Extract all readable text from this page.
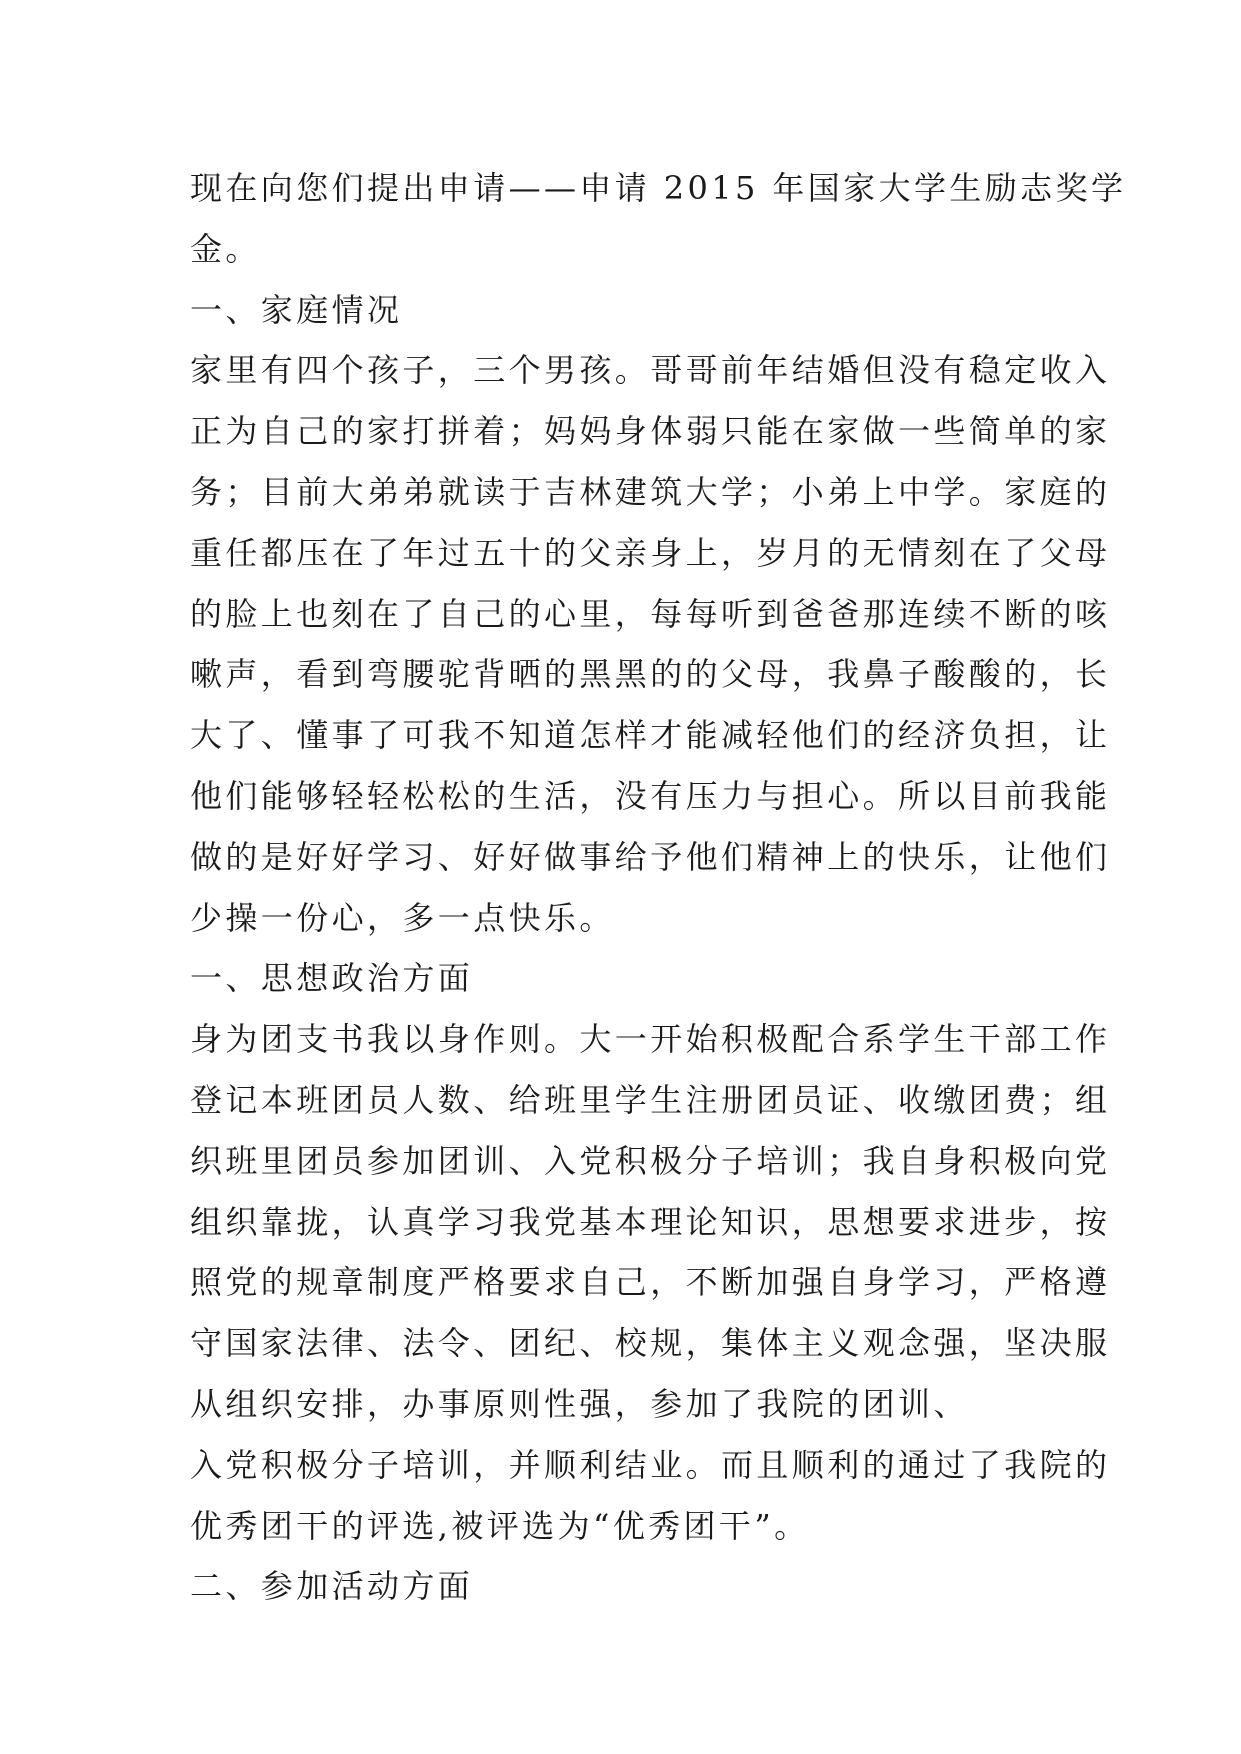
现在向您们提出申请——申请 2015 年国家大学生励志奖学

金。

一、家庭情况

家里有四个孩子，三个男孩。哥哥前年结婚但没有稳定收入

正为自己的家打拼着；妈妈身体弱只能在家做一些简单的家

务；目前大弟弟就读于吉林建筑大学；小弟上中学。家庭的

重任都压在了年过五十的父亲身上，岁月的无情刻在了父母

的脸上也刻在了自己的心里，每每听到爸爸那连续不断的咳

嗽声，看到弯腰驼背晒的黑黑的的父母，我鼻子酸酸的，长

大了、懂事了可我不知道怎样才能减轻他们的经济负担，让

他们能够轻轻松松的生活，没有压力与担心。所以目前我能

做的是好好学习、好好做事给予他们精神上的快乐，让他们

少操一份心，多一点快乐。

一、思想政治方面

身为团支书我以身作则。大一开始积极配合系学生干部工作

登记本班团员人数、给班里学生注册团员证、收缴团费；组

织班里团员参加团训、入党积极分子培训；我自身积极向党

组织靠拢，认真学习我党基本理论知识，思想要求进步，按

照党的规章制度严格要求自己，不断加强自身学习，严格遵

守国家法律、法令、团纪、校规，集体主义观念强，坚决服

从组织安排，办事原则性强，参加了我院的团训、

入党积极分子培训，并顺利结业。而且顺利的通过了我院的

优秀团干的评选,被评选为“优秀团干”。

二、参加活动方面
